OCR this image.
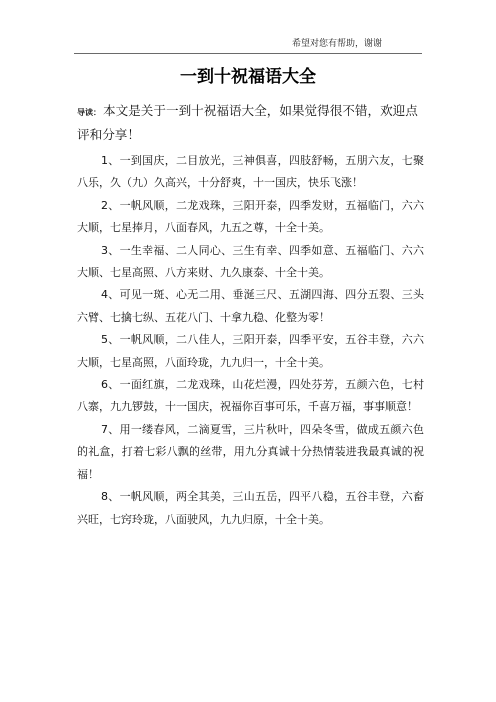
希望对您有帮助，谢谢
一到十祝福语大全
导读： 本文是关于一到十祝福语大全，如果觉得很不错，欢迎点评和分享！

1、一到国庆，二目放光，三神俱喜，四肢舒畅，五朋六友，七聚八乐，久（九）久高兴，十分舒爽，十一国庆，快乐飞涨！

2、一帆风顺，二龙戏珠，三阳开泰，四季发财，五福临门，六六大顺，七星捧月，八面春风，九五之尊，十全十美。

3、一生幸福、二人同心、三生有幸、四季如意、五福临门、六六大顺、七星高照、八方来财、九久康泰、十全十美。

4、可见一斑、心无二用、垂涎三尺、五湖四海、四分五裂、三头六臂、七擒七纵、五花八门、十拿九稳、化整为零！

5、一帆风顺，二八佳人，三阳开泰，四季平安，五谷丰登，六六大顺，七星高照，八面玲珑，九九归一，十全十美。

6、一面红旗，二龙戏珠，山花烂漫，四处芬芳，五颜六色，七村八寨，九九锣鼓，十一国庆，祝福你百事可乐，千喜万福，事事顺意！

7、用一缕春风，二滴夏雪，三片秋叶，四朵冬雪，做成五颜六色的礼盒，打着七彩八飘的丝带，用九分真诚十分热情装进我最真诚的祝福！

8、一帆风顺，两全其美，三山五岳，四平八稳，五谷丰登，六畜兴旺，七窍玲珑，八面驶风，九九归原，十全十美。
